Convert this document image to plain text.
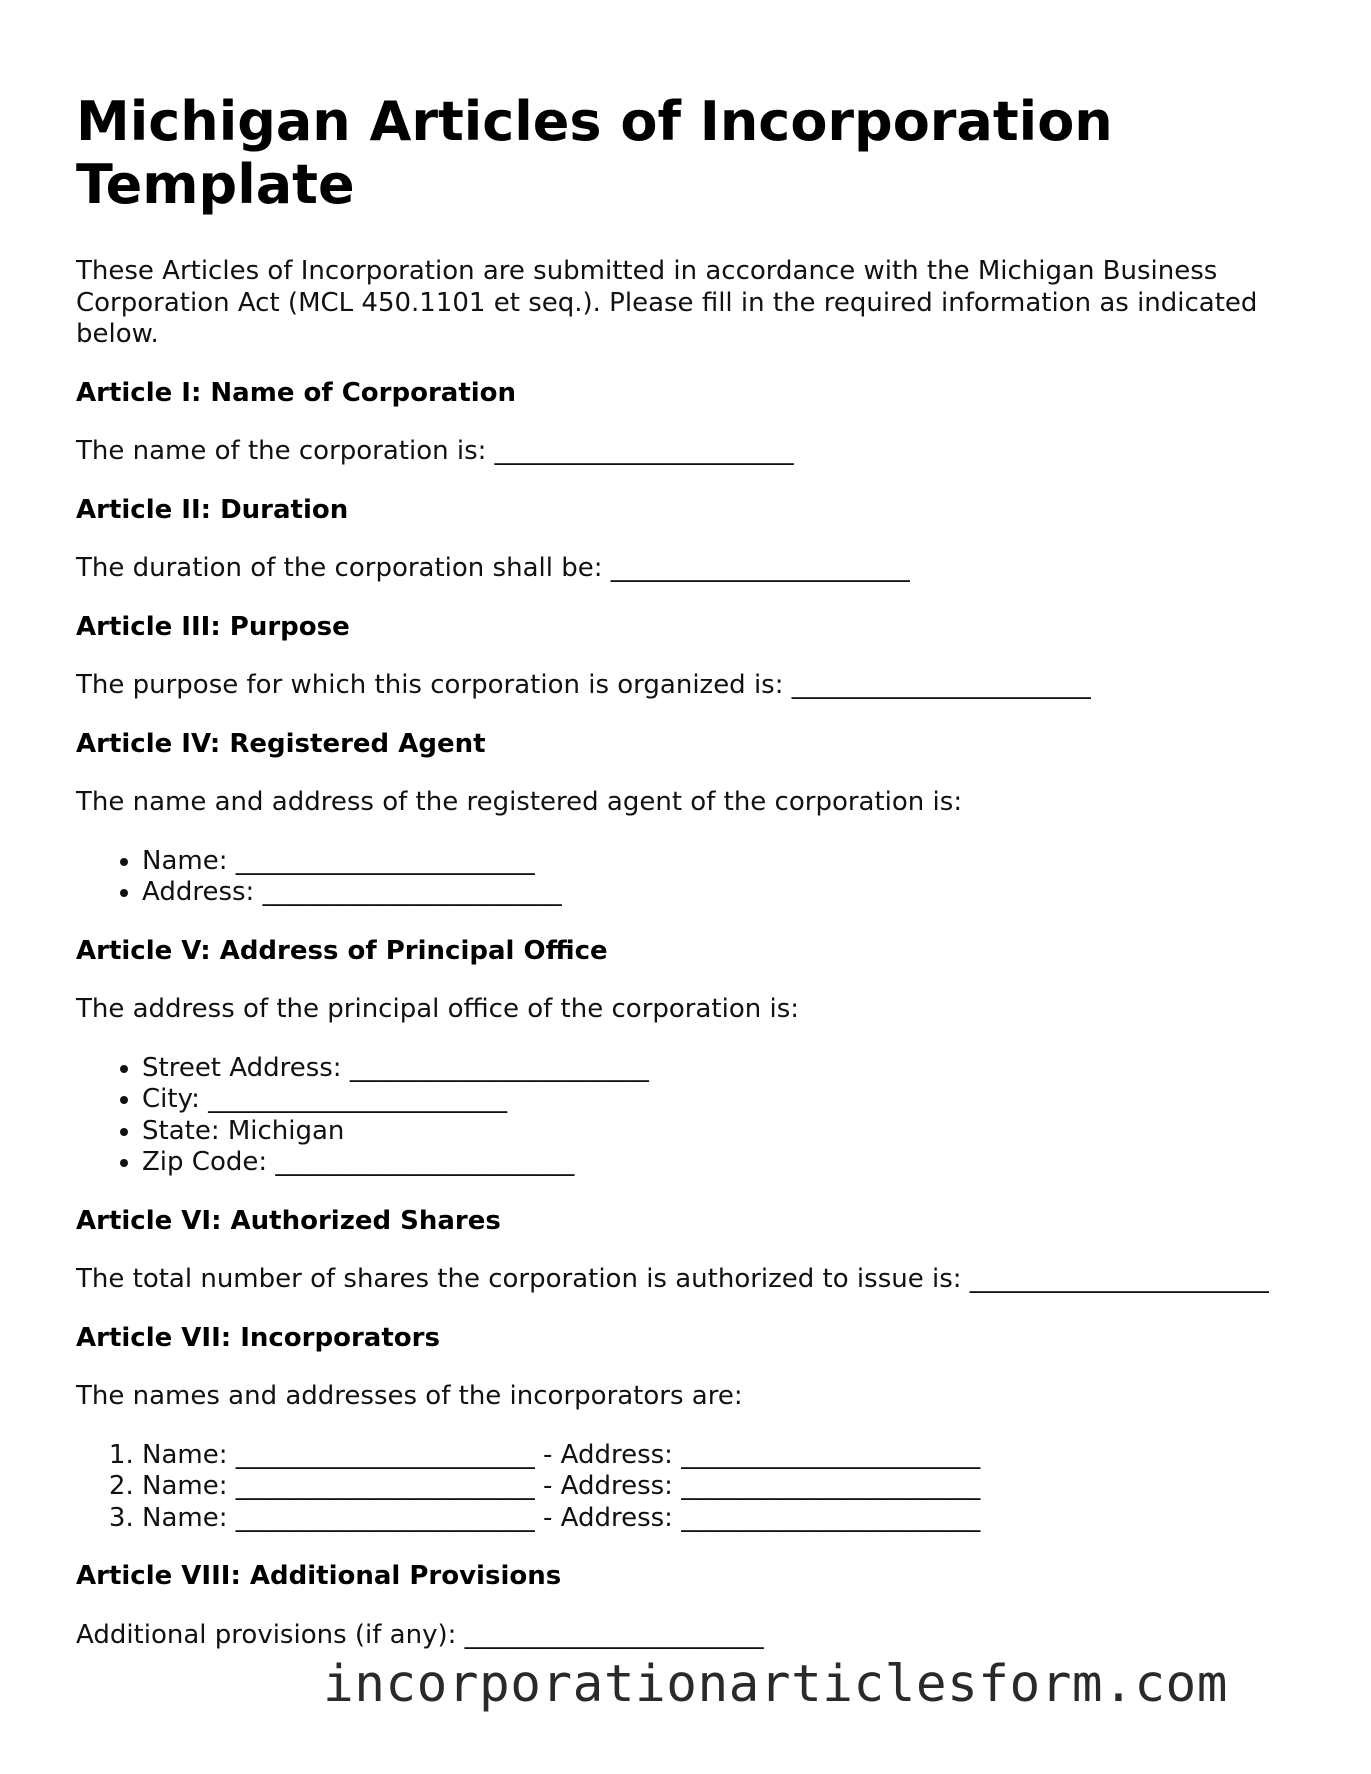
Michigan Articles of Incorporation Template

These Articles of Incorporation are submitted in accordance with the Michigan Business Corporation Act (MCL 450.1101 et seq.). Please fill in the required information as indicated below.

Article I: Name of Corporation

The name of the corporation is: _______________________

Article II: Duration

The duration of the corporation shall be: _______________________

Article III: Purpose

The purpose for which this corporation is organized is: _______________________

Article IV: Registered Agent

The name and address of the registered agent of the corporation is:

• Name: _______________________
• Address: _______________________
Article V: Address of Principal Office

The address of the principal office of the corporation is:

• Street Address: _______________________
• City: _______________________
• State: Michigan
• Zip Code: _______________________
Article VI: Authorized Shares

The total number of shares the corporation is authorized to issue is: _______________________

Article VII: Incorporators

The names and addresses of the incorporators are:

1. Name: _______________________ - Address: _______________________
2. Name: _______________________ - Address: _______________________
3. Name: _______________________ - Address: _______________________
Article VIII: Additional Provisions

Additional provisions (if any): _______________________

incorporationarticlesform.com
